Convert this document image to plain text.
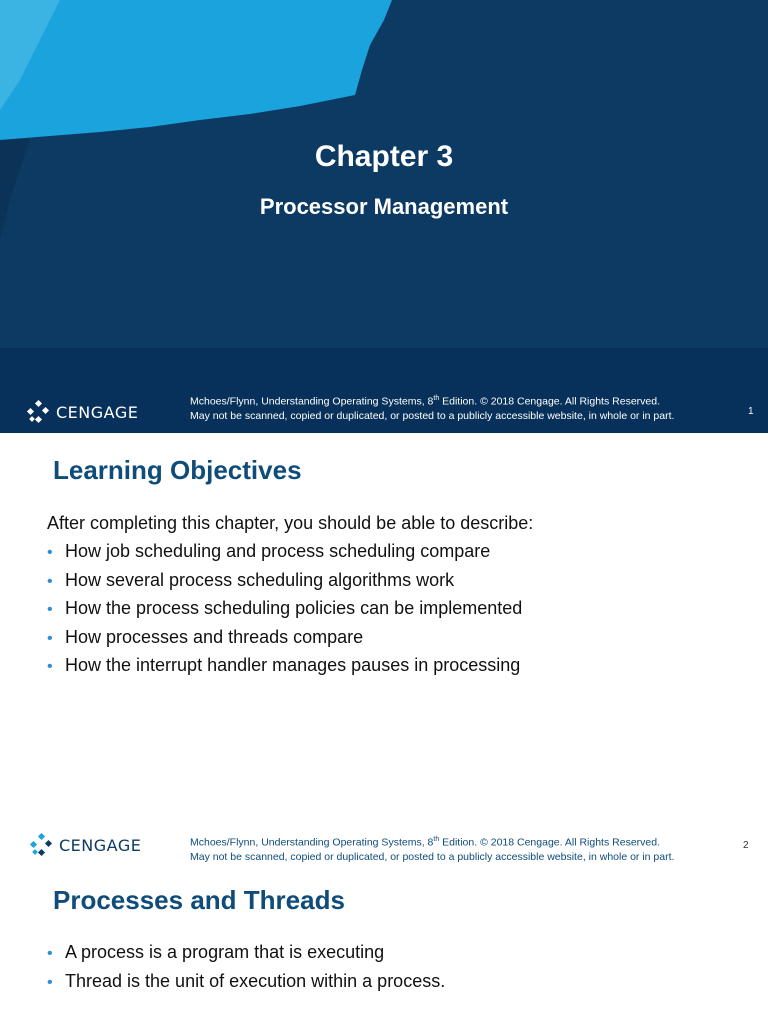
Chapter 3
Processor Management
CENGAGE
Mchoes/Flynn, Understanding Operating Systems, 8th Edition. © 2018 Cengage. All Rights Reserved.
May not be scanned, copied or duplicated, or posted to a publicly accessible website, in whole or in part.	1
Learning Objectives
After completing this chapter, you should be able to describe:
• How job scheduling and process scheduling compare
• How several process scheduling algorithms work
• How the process scheduling policies can be implemented
• How processes and threads compare
• How the interrupt handler manages pauses in processing
CENGAGE	Mchoes/Flynn, Understanding Operating Systems, 8th Edition. © 2018 Cengage. All Rights Reserved.
May not be scanned, copied or duplicated, or posted to a publicly accessible website, in whole or in part.
2
Processes and Threads
• A process is a program that is executing
• Thread is the unit of execution within a process.
